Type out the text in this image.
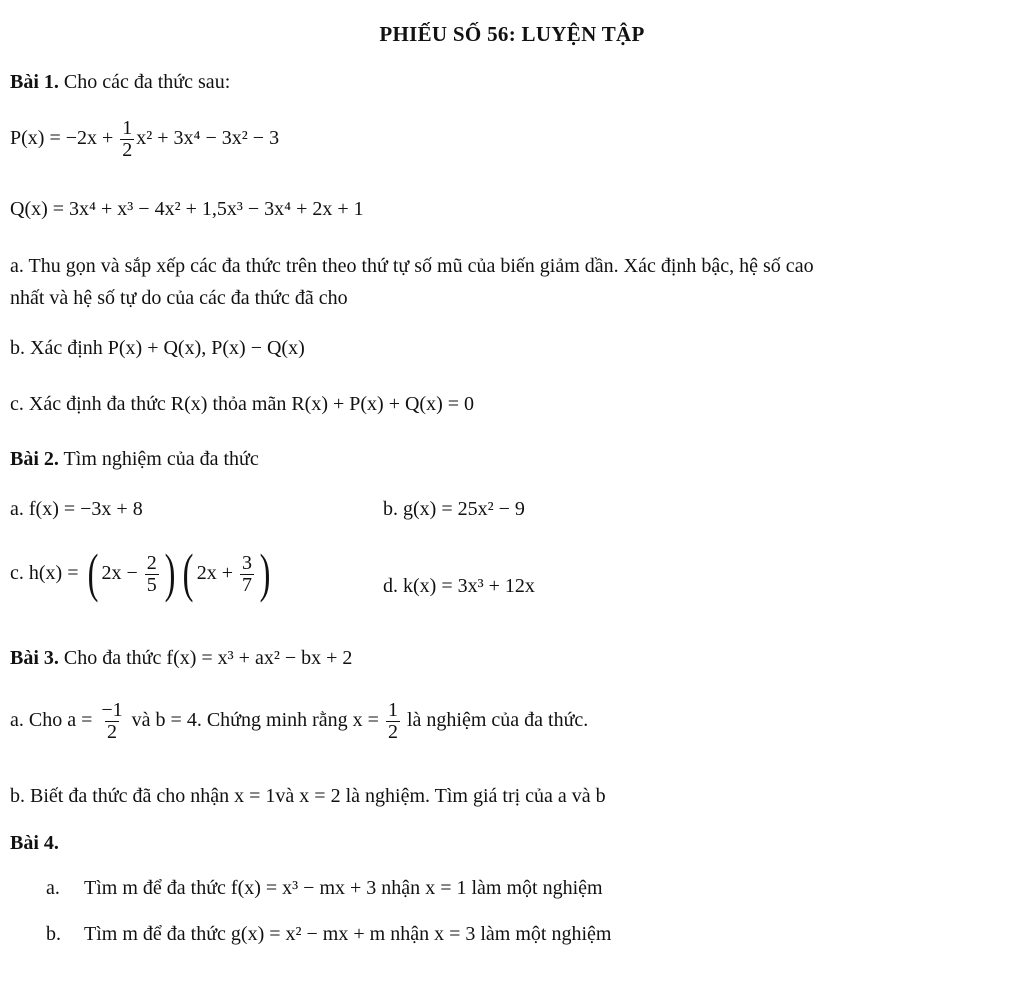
PHIẾU SỐ 56: LUYỆN TẬP
Bài 1. Cho các đa thức sau:
$P(x) = -2x + \frac{1}{2} x^2 + 3x^4 - 3x^2 - 3$
Q(x) = 3x⁴ + x³ − 4x² + 1,5x³ − 3x⁴ + 2x + 1
a. Thu gọn và sắp xếp các đa thức trên theo thứ tự số mũ của biến giảm dần. Xác định bậc, hệ số cao
nhất và hệ số tự do của các đa thức đã cho
b. Xác định P(x) + Q(x), P(x) − Q(x)
c. Xác định đa thức R(x) thỏa mãn R(x) + P(x) + Q(x) = 0
Bài 2. Tìm nghiệm của đa thức
a. f(x) = −3x + 8	b. g(x) = 25x² − 9
c. h(x) = ( $2x - \frac{2}{5}$ ) ( $2x + \frac{3}{7}$ )	d. k(x) = 3x³ + 12x
Bài 3. Cho đa thức f(x) = x³ + ax² − bx + 2
a. Cho $a = \frac{-1}{2}$ và b = 4. Chứng minh rằng $x = \frac{1}{2}$ là nghiệm của đa thức.
b. Biết đa thức đã cho nhận x = 1và x = 2 là nghiệm. Tìm giá trị của a và b
Bài 4.
a. Tìm m để đa thức f(x) = x³ − mx + 3 nhận x = 1 làm một nghiệm
b. Tìm m để đa thức g(x) = x² − mx + m nhận x = 3 làm một nghiệm
